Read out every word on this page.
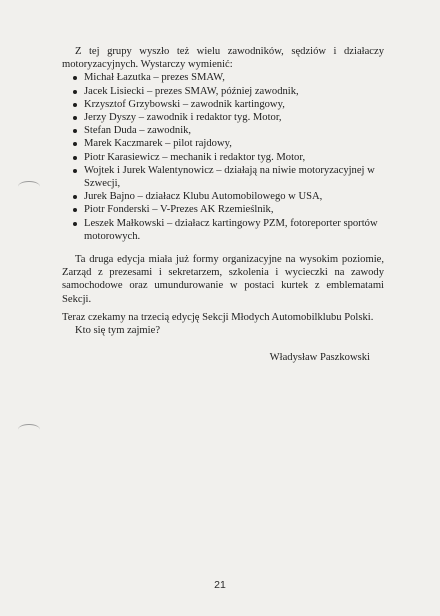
Z tej grupy wyszło też wielu zawodników, sędziów i działaczy motoryzacyjnych. Wystarczy wymienić:

Michał Łazutka – prezes SMAW,
Jacek Lisiecki – prezes SMAW, później zawodnik,
Krzysztof Grzybowski – zawodnik kartingowy,
Jerzy Dyszy – zawodnik i redaktor tyg. Motor,
Stefan Duda – zawodnik,
Marek Kaczmarek – pilot rajdowy,
Piotr Karasiewicz – mechanik i redaktor tyg. Motor,
Wojtek i Jurek Walentynowicz – działają na niwie motoryzacyjnej w Szwecji,
Jurek Bajno – działacz Klubu Automobilowego w USA,
Piotr Fonderski – V-Prezes AK Rzemieślnik,
Leszek Małkowski – działacz kartingowy PZM, fotoreporter sportów motorowych.

Ta druga edycja miała już formy organizacyjne na wysokim poziomie, Zarząd z prezesami i sekretarzem, szkolenia i wycieczki na zawody samochodowe oraz umundurowanie w postaci kurtek z emblematami Sekcji.

Teraz czekamy na trzecią edycję Sekcji Młodych Automobilklubu Polski.

Kto się tym zajmie?

Władysław Paszkowski

21
